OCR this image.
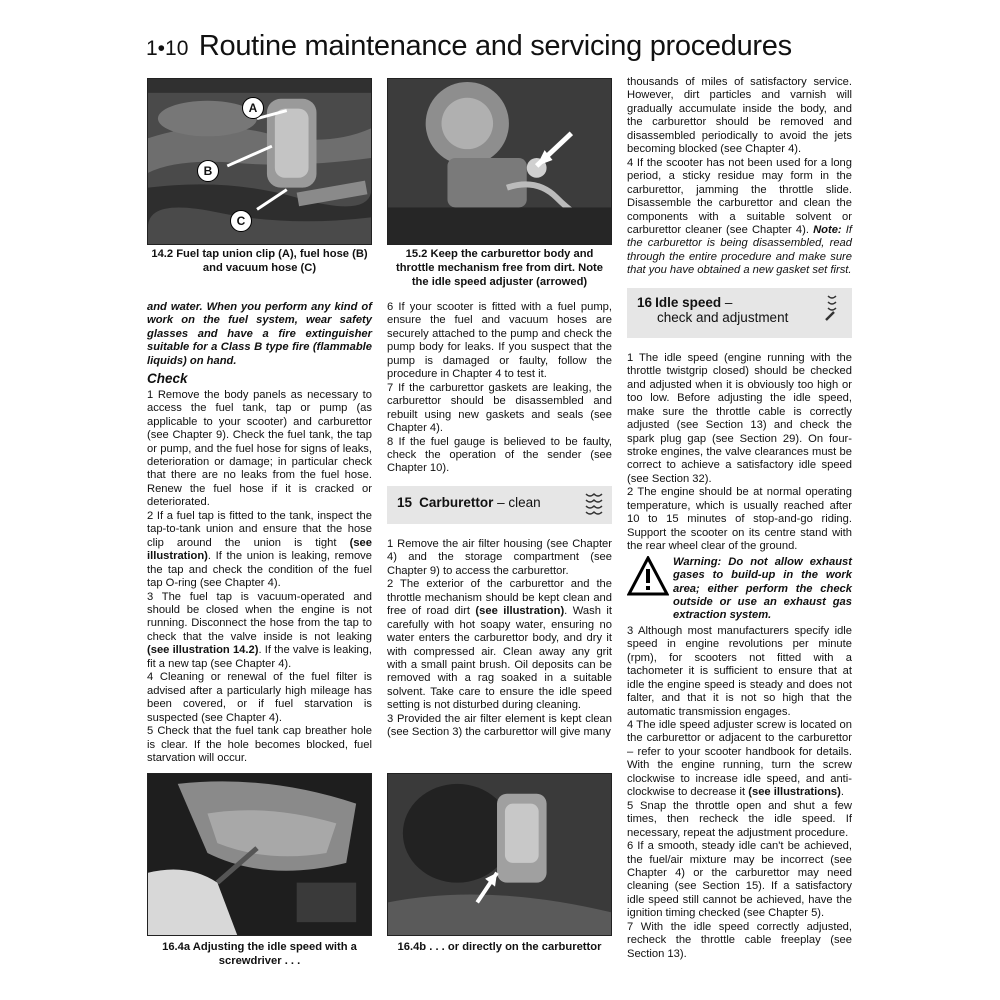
1•10 Routine maintenance and servicing procedures
A
B
C
14.2 Fuel tap union clip (A), fuel hose (B) and vacuum hose (C)
15.2 Keep the carburettor body and throttle mechanism free from dirt. Note the idle speed adjuster (arrowed)

and water. When you perform any kind of work on the fuel system, wear safety glasses and have a fire extinguisher suitable for a Class B type fire (flammable liquids) on hand.

Check

1 Remove the body panels as necessary to access the fuel tank, tap or pump (as applicable to your scooter) and carburettor (see Chapter 9). Check the fuel tank, the tap or pump, and the fuel hose for signs of leaks, deterioration or damage; in particular check that there are no leaks from the fuel hose. Renew the fuel hose if it is cracked or deteriorated.

2 If a fuel tap is fitted to the tank, inspect the tap-to-tank union and ensure that the hose clip around the union is tight (see illustration). If the union is leaking, remove the tap and check the condition of the fuel tap O-ring (see Chapter 4).

3 The fuel tap is vacuum-operated and should be closed when the engine is not running. Disconnect the hose from the tap to check that the valve inside is not leaking (see illustration 14.2). If the valve is leaking, fit a new tap (see Chapter 4).

4 Cleaning or renewal of the fuel filter is advised after a particularly high mileage has been covered, or if fuel starvation is suspected (see Chapter 4).

5 Check that the fuel tank cap breather hole is clear. If the hole becomes blocked, fuel starvation will occur.

6 If your scooter is fitted with a fuel pump, ensure the fuel and vacuum hoses are securely attached to the pump and check the pump body for leaks. If you suspect that the pump is damaged or faulty, follow the procedure in Chapter 4 to test it.

7 If the carburettor gaskets are leaking, the carburettor should be disassembled and rebuilt using new gaskets and seals (see Chapter 4).

8 If the fuel gauge is believed to be faulty, check the operation of the sender (see Chapter 10).

15 Carburettor – clean

1 Remove the air filter housing (see Chapter 4) and the storage compartment (see Chapter 9) to access the carburettor.

2 The exterior of the carburettor and the throttle mechanism should be kept clean and free of road dirt (see illustration). Wash it carefully with hot soapy water, ensuring no water enters the carburettor body, and dry it with compressed air. Clean away any grit with a small paint brush. Oil deposits can be removed with a rag soaked in a suitable solvent. Take care to ensure the idle speed setting is not disturbed during cleaning.

3 Provided the air filter element is kept clean (see Section 3) the carburettor will give many

thousands of miles of satisfactory service. However, dirt particles and varnish will gradually accumulate inside the body, and the carburettor should be removed and disassembled periodically to avoid the jets becoming blocked (see Chapter 4).

4 If the scooter has not been used for a long period, a sticky residue may form in the carburettor, jamming the throttle slide. Disassemble the carburettor and clean the components with a suitable solvent or carburettor cleaner (see Chapter 4). Note: If the carburettor is being disassembled, read through the entire procedure and make sure that you have obtained a new gasket set first.

16 Idle speed –
check and adjustment

1 The idle speed (engine running with the throttle twistgrip closed) should be checked and adjusted when it is obviously too high or too low. Before adjusting the idle speed, make sure the throttle cable is correctly adjusted (see Section 13) and check the spark plug gap (see Section 29). On four-stroke engines, the valve clearances must be correct to achieve a satisfactory idle speed (see Section 32).

2 The engine should be at normal operating temperature, which is usually reached after 10 to 15 minutes of stop-and-go riding. Support the scooter on its centre stand with the rear wheel clear of the ground.

Warning: Do not allow exhaust gases to build-up in the work area; either perform the check outside or use an exhaust gas extraction system.

3 Although most manufacturers specify idle speed in engine revolutions per minute (rpm), for scooters not fitted with a tachometer it is sufficient to ensure that at idle the engine speed is steady and does not falter, and that it is not so high that the automatic transmission engages.

4 The idle speed adjuster screw is located on the carburettor or adjacent to the carburettor – refer to your scooter handbook for details. With the engine running, turn the screw clockwise to increase idle speed, and anti-clockwise to decrease it (see illustrations).

5 Snap the throttle open and shut a few times, then recheck the idle speed. If necessary, repeat the adjustment procedure.

6 If a smooth, steady idle can't be achieved, the fuel/air mixture may be incorrect (see Chapter 4) or the carburettor may need cleaning (see Section 15). If a satisfactory idle speed still cannot be achieved, have the ignition timing checked (see Chapter 5).

7 With the idle speed correctly adjusted, recheck the throttle cable freeplay (see Section 13).

16.4a Adjusting the idle speed with a screwdriver . . .
16.4b . . . or directly on the carburettor
